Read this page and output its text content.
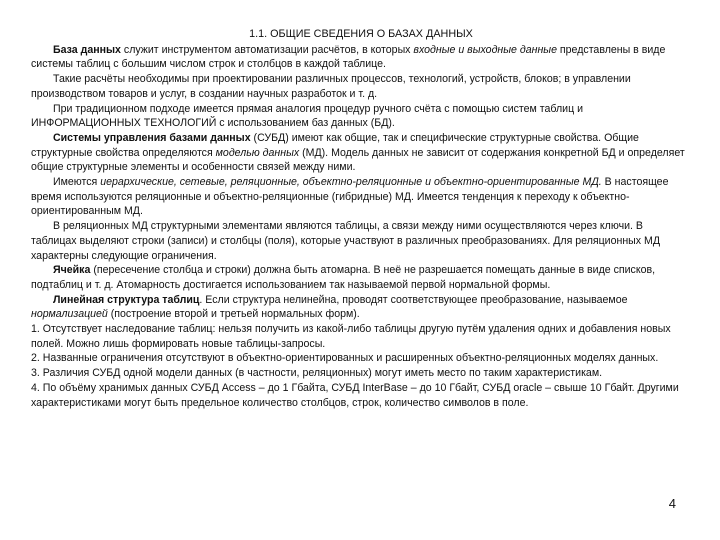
1.1. ОБЩИЕ СВЕДЕНИЯ О БАЗАХ ДАННЫХ

База данных служит инструментом автоматизации расчётов, в которых входные и выходные данные представлены в виде системы таблиц с большим числом строк и столбцов в каждой таблице.

Такие расчёты необходимы при проектировании различных процессов, технологий, устройств, блоков; в управлении производством товаров и услуг, в создании научных разработок и т. д.

При традиционном подходе имеется прямая аналогия процедур ручного счёта с помощью систем таблиц и ИНФОРМАЦИОННЫХ ТЕХНОЛОГИЙ с использованием баз данных (БД).

Системы управления базами данных (СУБД) имеют как общие, так и специфические структурные свойства. Общие структурные свойства определяются моделью данных (МД). Модель данных не зависит от содержания конкретной БД и определяет общие структурные элементы и особенности связей между ними.

Имеются иерархические, сетевые, реляционные, объектно-реляционные и объектно-ориентированные МД. В настоящее время используются реляционные и объектно-реляционные (гибридные) МД. Имеется тенденция к переходу к объектно-ориентированным МД.

В реляционных МД структурными элементами являются таблицы, а связи между ними осуществляются через ключи. В таблицах выделяют строки (записи) и столбцы (поля), которые участвуют в различных преобразованиях. Для реляционных МД характерны следующие ограничения.

Ячейка (пересечение столбца и строки) должна быть атомарна. В неё не разрешается помещать данные в виде списков, подтаблиц и т. д. Атомарность достигается использованием так называемой первой нормальной формы.

Линейная структура таблиц. Если структура нелинейна, проводят соответствующее преобразование, называемое нормализацией (построение второй и третьей нормальных форм).

1. Отсутствует наследование таблиц: нельзя получить из какой-либо таблицы другую путём удаления одних и добавления новых полей. Можно лишь формировать новые таблицы-запросы.

2. Названные ограничения отсутствуют в объектно-ориентированных и расширенных объектно-реляционных моделях данных.

3. Различия СУБД одной модели данных (в частности, реляционных) могут иметь место по таким характеристикам.

4. По объёму хранимых данных СУБД Access – до 1 Гбайта, СУБД InterBase – до 10 Гбайт, СУБД oracle – свыше 10 Гбайт. Другими характеристиками могут быть предельное количество столбцов, строк, количество символов в поле.

4
